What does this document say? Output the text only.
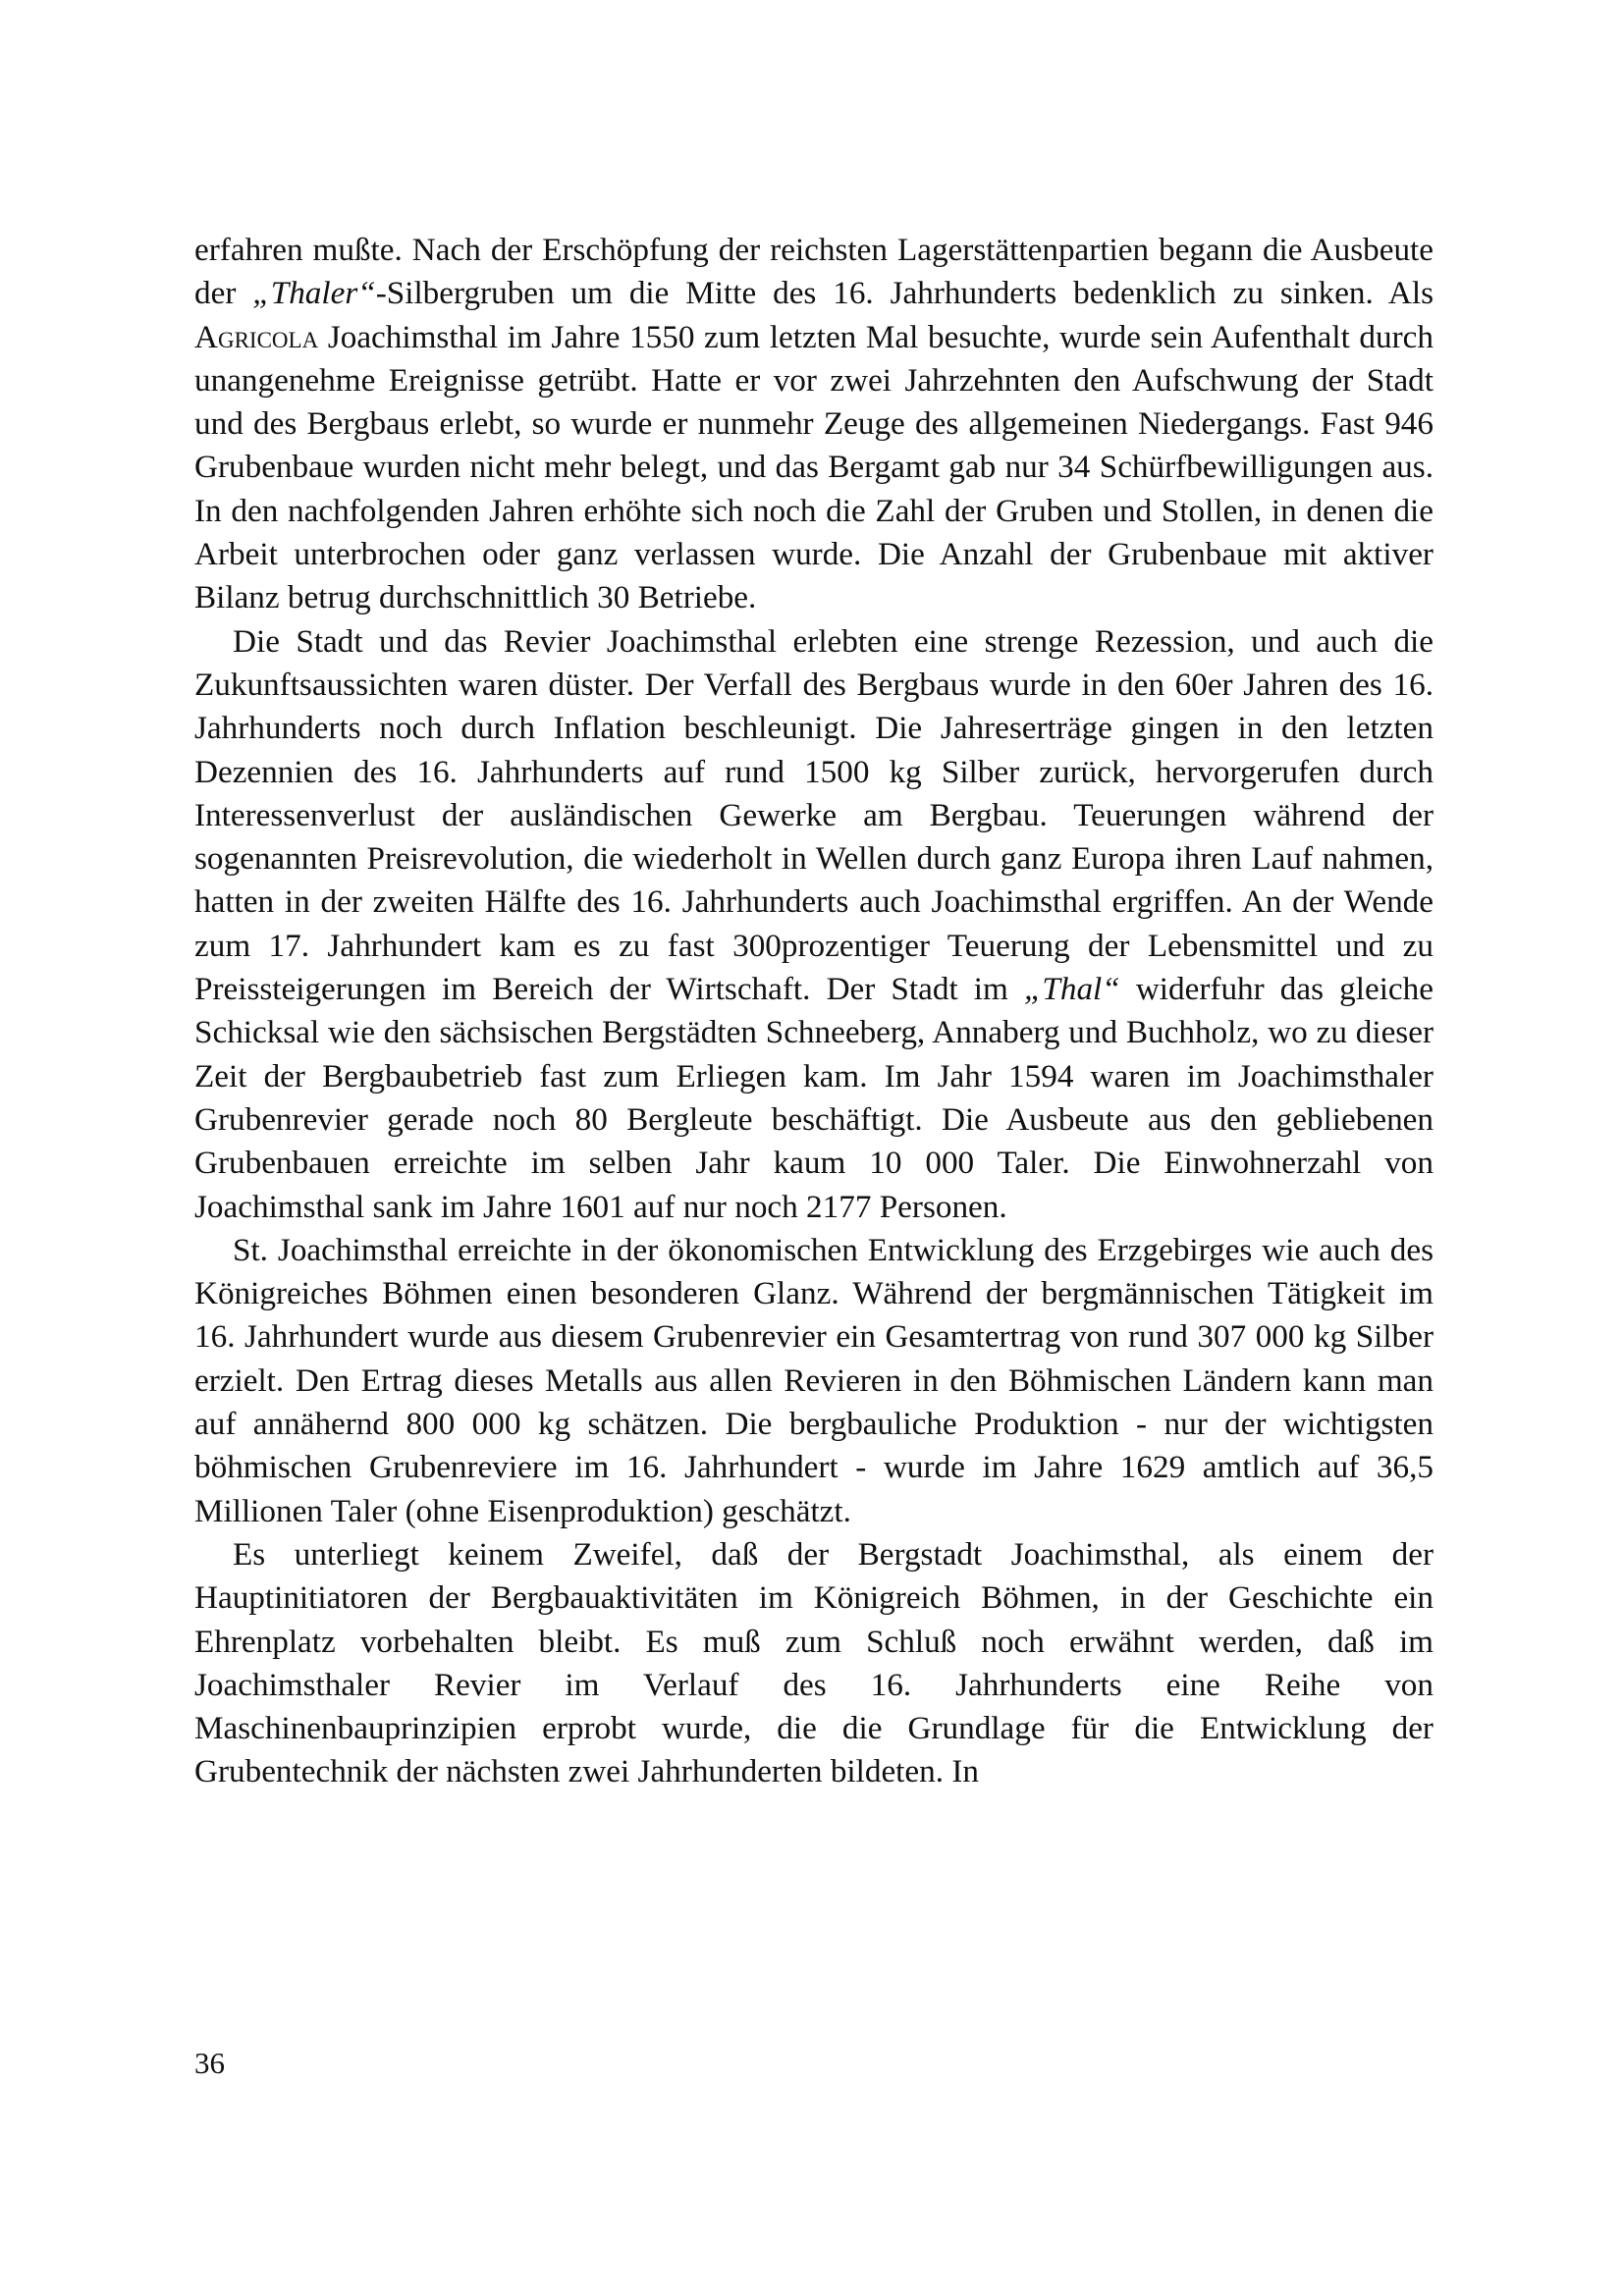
erfahren mußte. Nach der Erschöpfung der reichsten Lagerstättenpartien begann die Ausbeute der „Thaler“-Silbergruben um die Mitte des 16. Jahrhunderts bedenklich zu sinken. Als Agricola Joachimsthal im Jahre 1550 zum letzten Mal besuchte, wurde sein Aufenthalt durch unangenehme Ereignisse getrübt. Hatte er vor zwei Jahrzehnten den Aufschwung der Stadt und des Bergbaus erlebt, so wurde er nunmehr Zeuge des allgemeinen Niedergangs. Fast 946 Grubenbaue wurden nicht mehr belegt, und das Bergamt gab nur 34 Schürfbewilligungen aus. In den nachfolgenden Jahren erhöhte sich noch die Zahl der Gruben und Stollen, in denen die Arbeit unterbrochen oder ganz verlassen wurde. Die Anzahl der Grubenbaue mit aktiver Bilanz betrug durchschnittlich 30 Betriebe.

Die Stadt und das Revier Joachimsthal erlebten eine strenge Rezession, und auch die Zukunftsaussichten waren düster. Der Verfall des Bergbaus wurde in den 60er Jahren des 16. Jahrhunderts noch durch Inflation beschleunigt. Die Jahreserträge gingen in den letzten Dezennien des 16. Jahrhunderts auf rund 1500 kg Silber zurück, hervorgerufen durch Interessenverlust der ausländischen Gewerke am Bergbau. Teuerungen während der sogenannten Preisrevolution, die wiederholt in Wellen durch ganz Europa ihren Lauf nahmen, hatten in der zweiten Hälfte des 16. Jahrhunderts auch Joachimsthal ergriffen. An der Wende zum 17. Jahrhundert kam es zu fast 300prozentiger Teuerung der Lebensmittel und zu Preissteigerungen im Bereich der Wirtschaft. Der Stadt im „Thal“ widerfuhr das gleiche Schicksal wie den sächsischen Bergstädten Schneeberg, Annaberg und Buchholz, wo zu dieser Zeit der Bergbaubetrieb fast zum Erliegen kam. Im Jahr 1594 waren im Joachimsthaler Grubenrevier gerade noch 80 Bergleute beschäftigt. Die Ausbeute aus den gebliebenen Grubenbauen erreichte im selben Jahr kaum 10 000 Taler. Die Einwohnerzahl von Joachimsthal sank im Jahre 1601 auf nur noch 2177 Personen.

St. Joachimsthal erreichte in der ökonomischen Entwicklung des Erzgebirges wie auch des Königreiches Böhmen einen besonderen Glanz. Während der bergmännischen Tätigkeit im 16. Jahrhundert wurde aus diesem Grubenrevier ein Gesamtertrag von rund 307 000 kg Silber erzielt. Den Ertrag dieses Metalls aus allen Revieren in den Böhmischen Ländern kann man auf annähernd 800 000 kg schätzen. Die bergbauliche Produktion - nur der wichtigsten böhmischen Grubenreviere im 16. Jahrhundert - wurde im Jahre 1629 amtlich auf 36,5 Millionen Taler (ohne Eisenproduktion) geschätzt.

Es unterliegt keinem Zweifel, daß der Bergstadt Joachimsthal, als einem der Hauptinitiatoren der Bergbauaktivitäten im Königreich Böhmen, in der Geschichte ein Ehrenplatz vorbehalten bleibt. Es muß zum Schluß noch erwähnt werden, daß im Joachimsthaler Revier im Verlauf des 16. Jahrhunderts eine Reihe von Maschinenbauprinzipien erprobt wurde, die die Grundlage für die Entwicklung der Grubentechnik der nächsten zwei Jahrhunderten bildeten. In

36
